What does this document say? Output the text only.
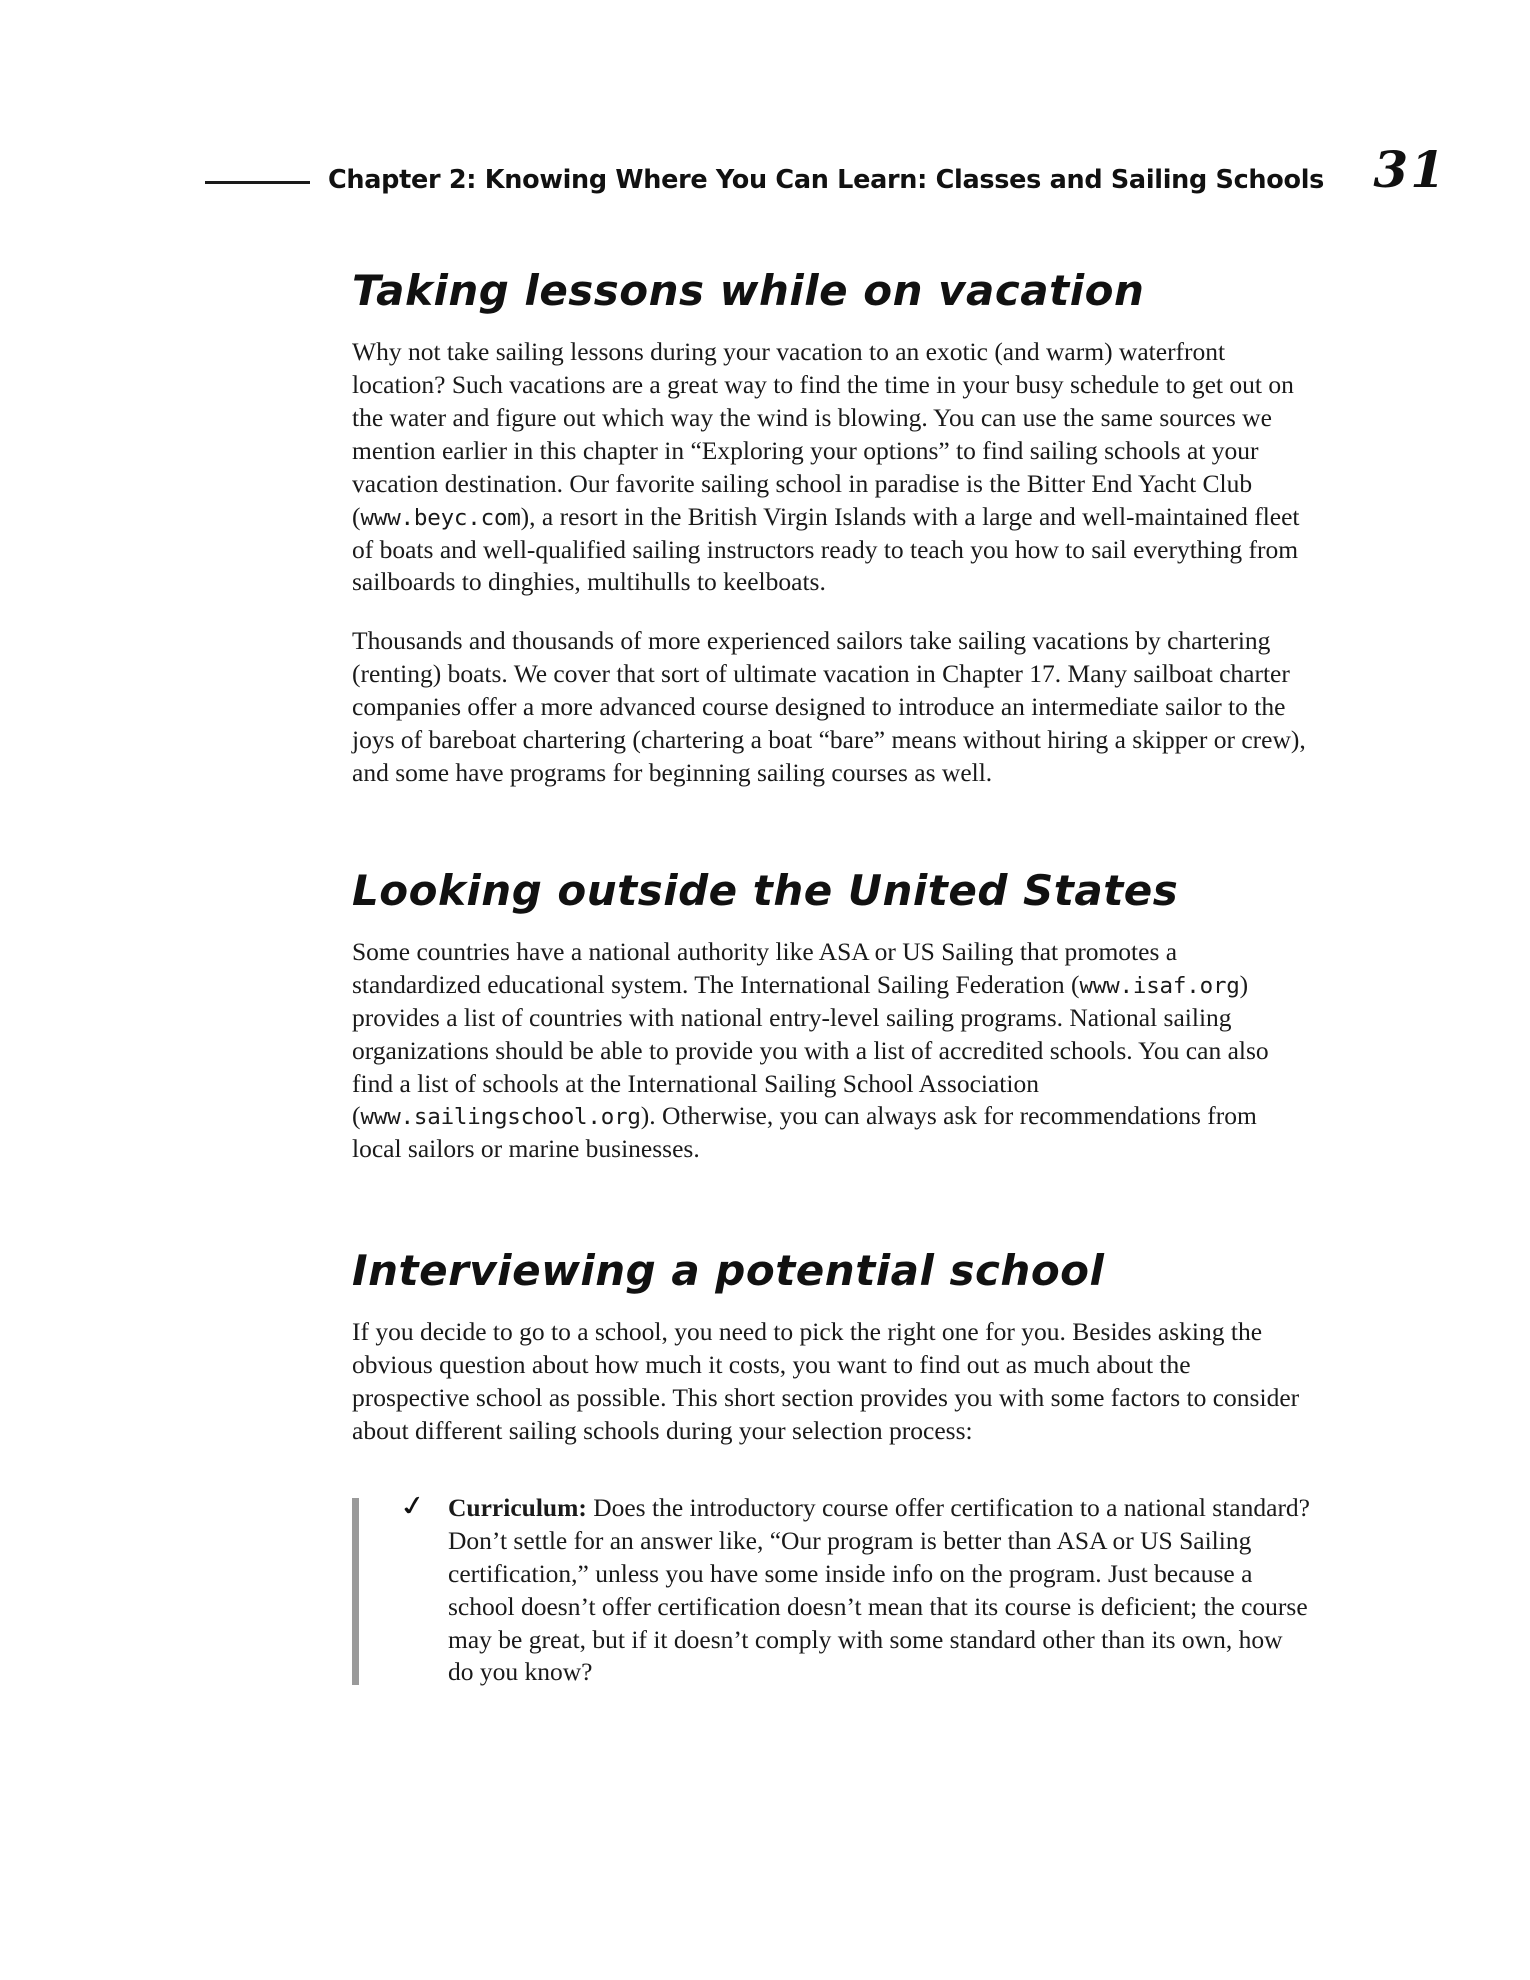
Chapter 2: Knowing Where You Can Learn: Classes and Sailing Schools 31
Taking lessons while on vacation

Why not take sailing lessons during your vacation to an exotic (and warm) waterfront location? Such vacations are a great way to find the time in your busy schedule to get out on the water and figure out which way the wind is blowing. You can use the same sources we mention earlier in this chapter in “Exploring your options” to find sailing schools at your vacation destination. Our favorite sailing school in paradise is the Bitter End Yacht Club (www.beyc.com), a resort in the British Virgin Islands with a large and well-maintained fleet of boats and well-qualified sailing instructors ready to teach you how to sail everything from sailboards to dinghies, multihulls to keelboats.

Thousands and thousands of more experienced sailors take sailing vacations by chartering (renting) boats. We cover that sort of ultimate vacation in Chapter 17. Many sailboat charter companies offer a more advanced course designed to introduce an intermediate sailor to the joys of bareboat chartering (chartering a boat “bare” means without hiring a skipper or crew), and some have programs for beginning sailing courses as well.

Looking outside the United States

Some countries have a national authority like ASA or US Sailing that promotes a standardized educational system. The International Sailing Federation (www.isaf.org) provides a list of countries with national entry-level sailing programs. National sailing organizations should be able to provide you with a list of accredited schools. You can also find a list of schools at the International Sailing School Association (www.sailingschool.org). Otherwise, you can always ask for recommendations from local sailors or marine businesses.

Interviewing a potential school

If you decide to go to a school, you need to pick the right one for you. Besides asking the obvious question about how much it costs, you want to find out as much about the prospective school as possible. This short section provides you with some factors to consider about different sailing schools during your selection process:

✓ Curriculum: Does the introductory course offer certification to a national standard? Don’t settle for an answer like, “Our program is better than ASA or US Sailing certification,” unless you have some inside info on the program. Just because a school doesn’t offer certification doesn’t mean that its course is deficient; the course may be great, but if it doesn’t comply with some standard other than its own, how do you know?
